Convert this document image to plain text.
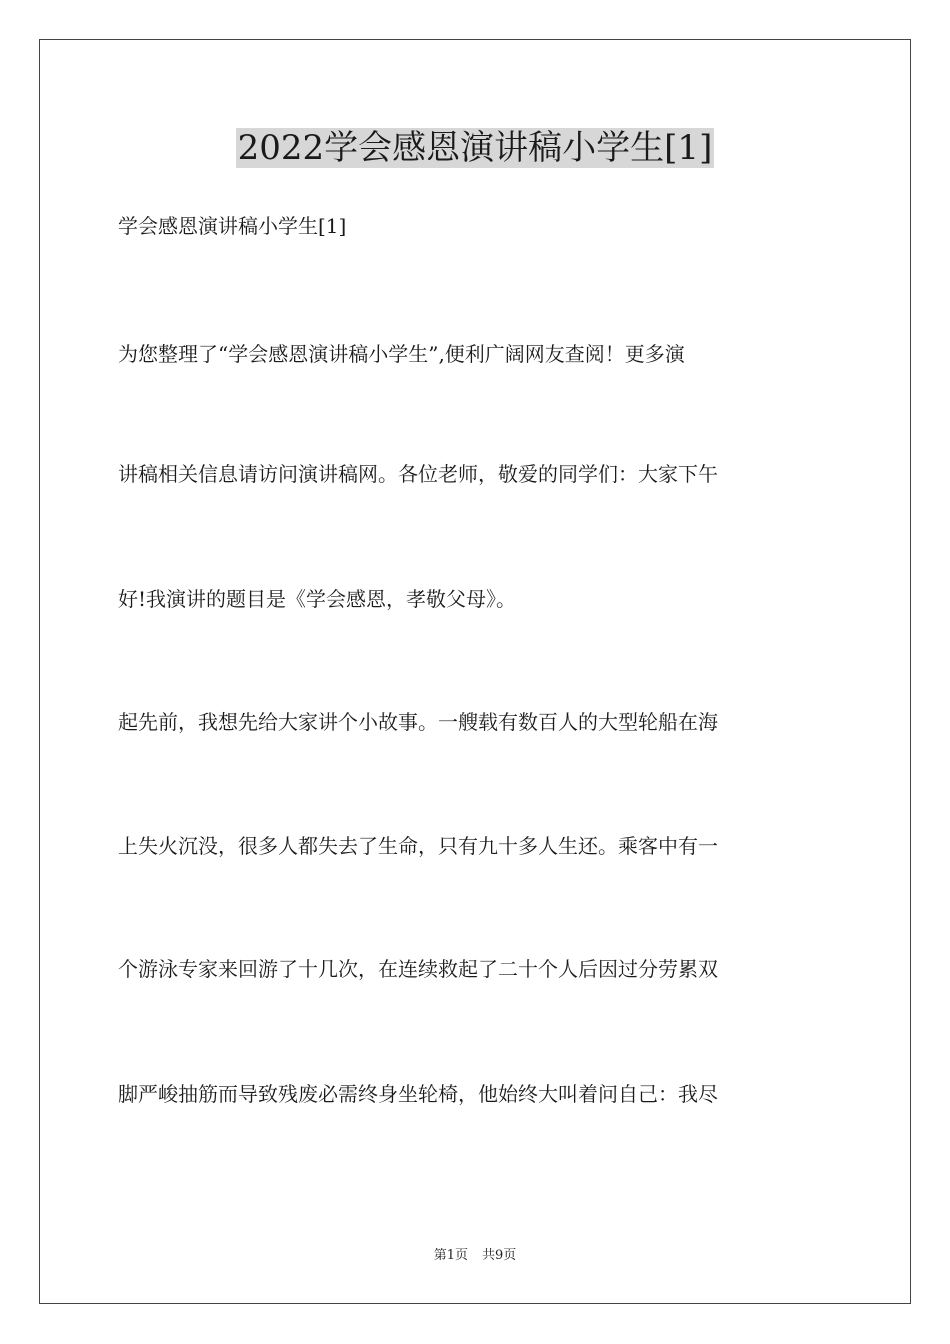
2022学会感恩演讲稿小学生[1]

学会感恩演讲稿小学生[1]

为您整理了“学会感恩演讲稿小学生”,便利广阔网友查阅！更多演

讲稿相关信息请访问演讲稿网。各位老师，敬爱的同学们：大家下午

好!我演讲的题目是《学会感恩，孝敬父母》。

起先前，我想先给大家讲个小故事。一艘载有数百人的大型轮船在海

上失火沉没，很多人都失去了生命，只有九十多人生还。乘客中有一

个游泳专家来回游了十几次，在连续救起了二十个人后因过分劳累双

脚严峻抽筋而导致残废必需终身坐轮椅，他始终大叫着问自己：我尽

第1页 共9页
